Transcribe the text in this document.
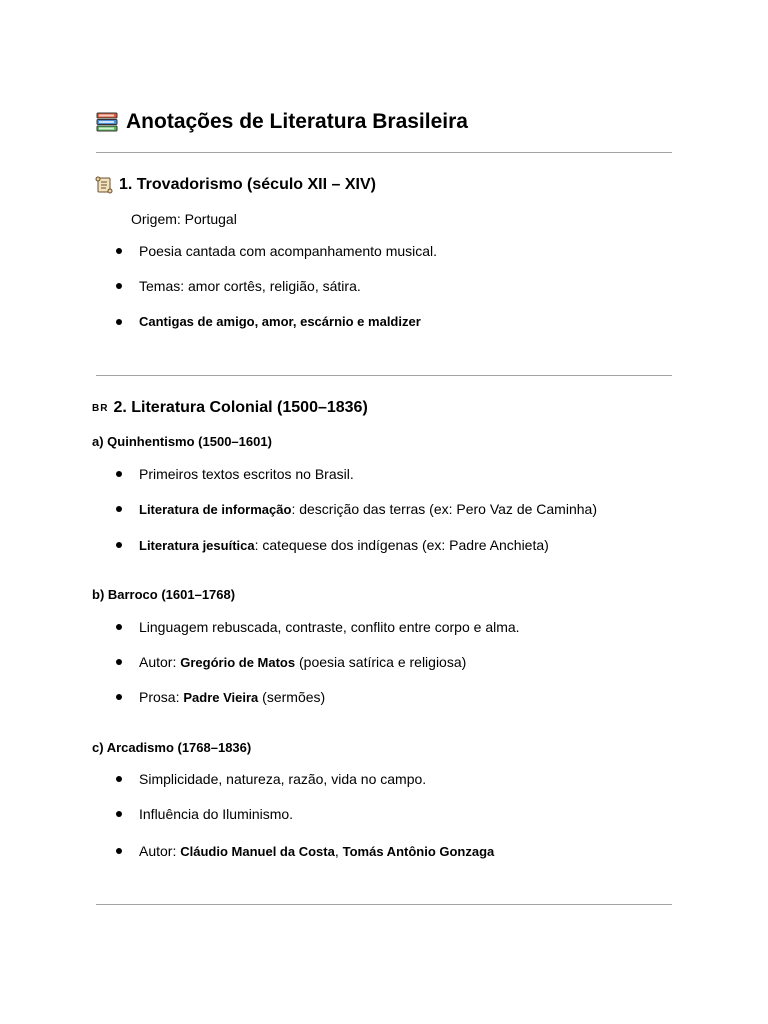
Anotações de Literatura Brasileira
1. Trovadorismo (século XII – XIV)
Origem: Portugal
Poesia cantada com acompanhamento musical.
Temas: amor cortês, religião, sátira.
Cantigas de amigo, amor, escárnio e maldizer
BR 2. Literatura Colonial (1500–1836)
a) Quinhentismo (1500–1601)
Primeiros textos escritos no Brasil.
Literatura de informação: descrição das terras (ex: Pero Vaz de Caminha)
Literatura jesuítica: catequese dos indígenas (ex: Padre Anchieta)
b) Barroco (1601–1768)
Linguagem rebuscada, contraste, conflito entre corpo e alma.
Autor: Gregório de Matos (poesia satírica e religiosa)
Prosa: Padre Vieira (sermões)
c) Arcadismo (1768–1836)
Simplicidade, natureza, razão, vida no campo.
Influência do Iluminismo.
Autor: Cláudio Manuel da Costa, Tomás Antônio Gonzaga
